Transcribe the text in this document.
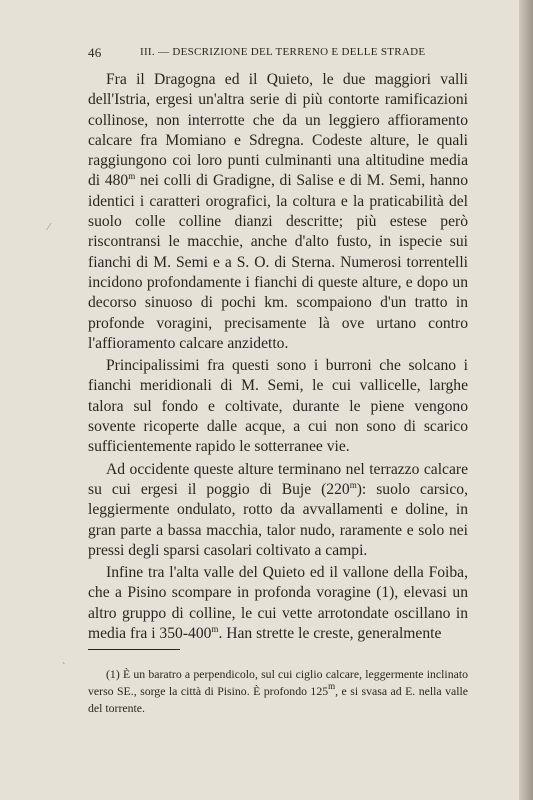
46	III. — DESCRIZIONE DEL TERRENO E DELLE STRADE

Fra il Dragogna ed il Quieto, le due maggiori valli dell'Istria, ergesi un'altra serie di più contorte ramificazioni collinose, non interrotte che da un leggiero affioramento calcare fra Momiano e Sdregna. Codeste alture, le quali raggiungono coi loro punti culminanti una altitudine media di 480$^m$ nei colli di Gradigne, di Salise e di M. Semi, hanno identici i caratteri orografici, la coltura e la praticabilità del suolo colle colline dianzi descritte; più estese però riscontransi le macchie, anche d'alto fusto, in ispecie sui fianchi di M. Semi e a S. O. di Sterna. Numerosi torrentelli incidono profondamente i fianchi di queste alture, e dopo un decorso sinuoso di pochi km. scompaiono d'un tratto in profonde voragini, precisamente là ove urtano contro l'affioramento calcare anzidetto.

Principalissimi fra questi sono i burroni che solcano i fianchi meridionali di M. Semi, le cui vallicelle, larghe talora sul fondo e coltivate, durante le piene vengono sovente ricoperte dalle acque, a cui non sono di scarico sufficientemente rapido le sotterranee vie.

Ad occidente queste alture terminano nel terrazzo calcare su cui ergesi il poggio di Buje (220$^m$): suolo carsico, leggiermente ondulato, rotto da avvallamenti e doline, in gran parte a bassa macchia, talor nudo, raramente e solo nei pressi degli sparsi casolari coltivato a campi.

Infine tra l'alta valle del Quieto ed il vallone della Foiba, che a Pisino scompare in profonda voragine (1), elevasi un altro gruppo di colline, le cui vette arrotondate oscillano in media fra i 350-400$^m$. Han strette le creste, generalmente

(1) È un baratro a perpendicolo, sul cui ciglio calcare, leggermente inclinato verso SE., sorge la città di Pisino. È profondo 125$^m$, e si svasa ad E. nella valle del torrente.

⁄
`
